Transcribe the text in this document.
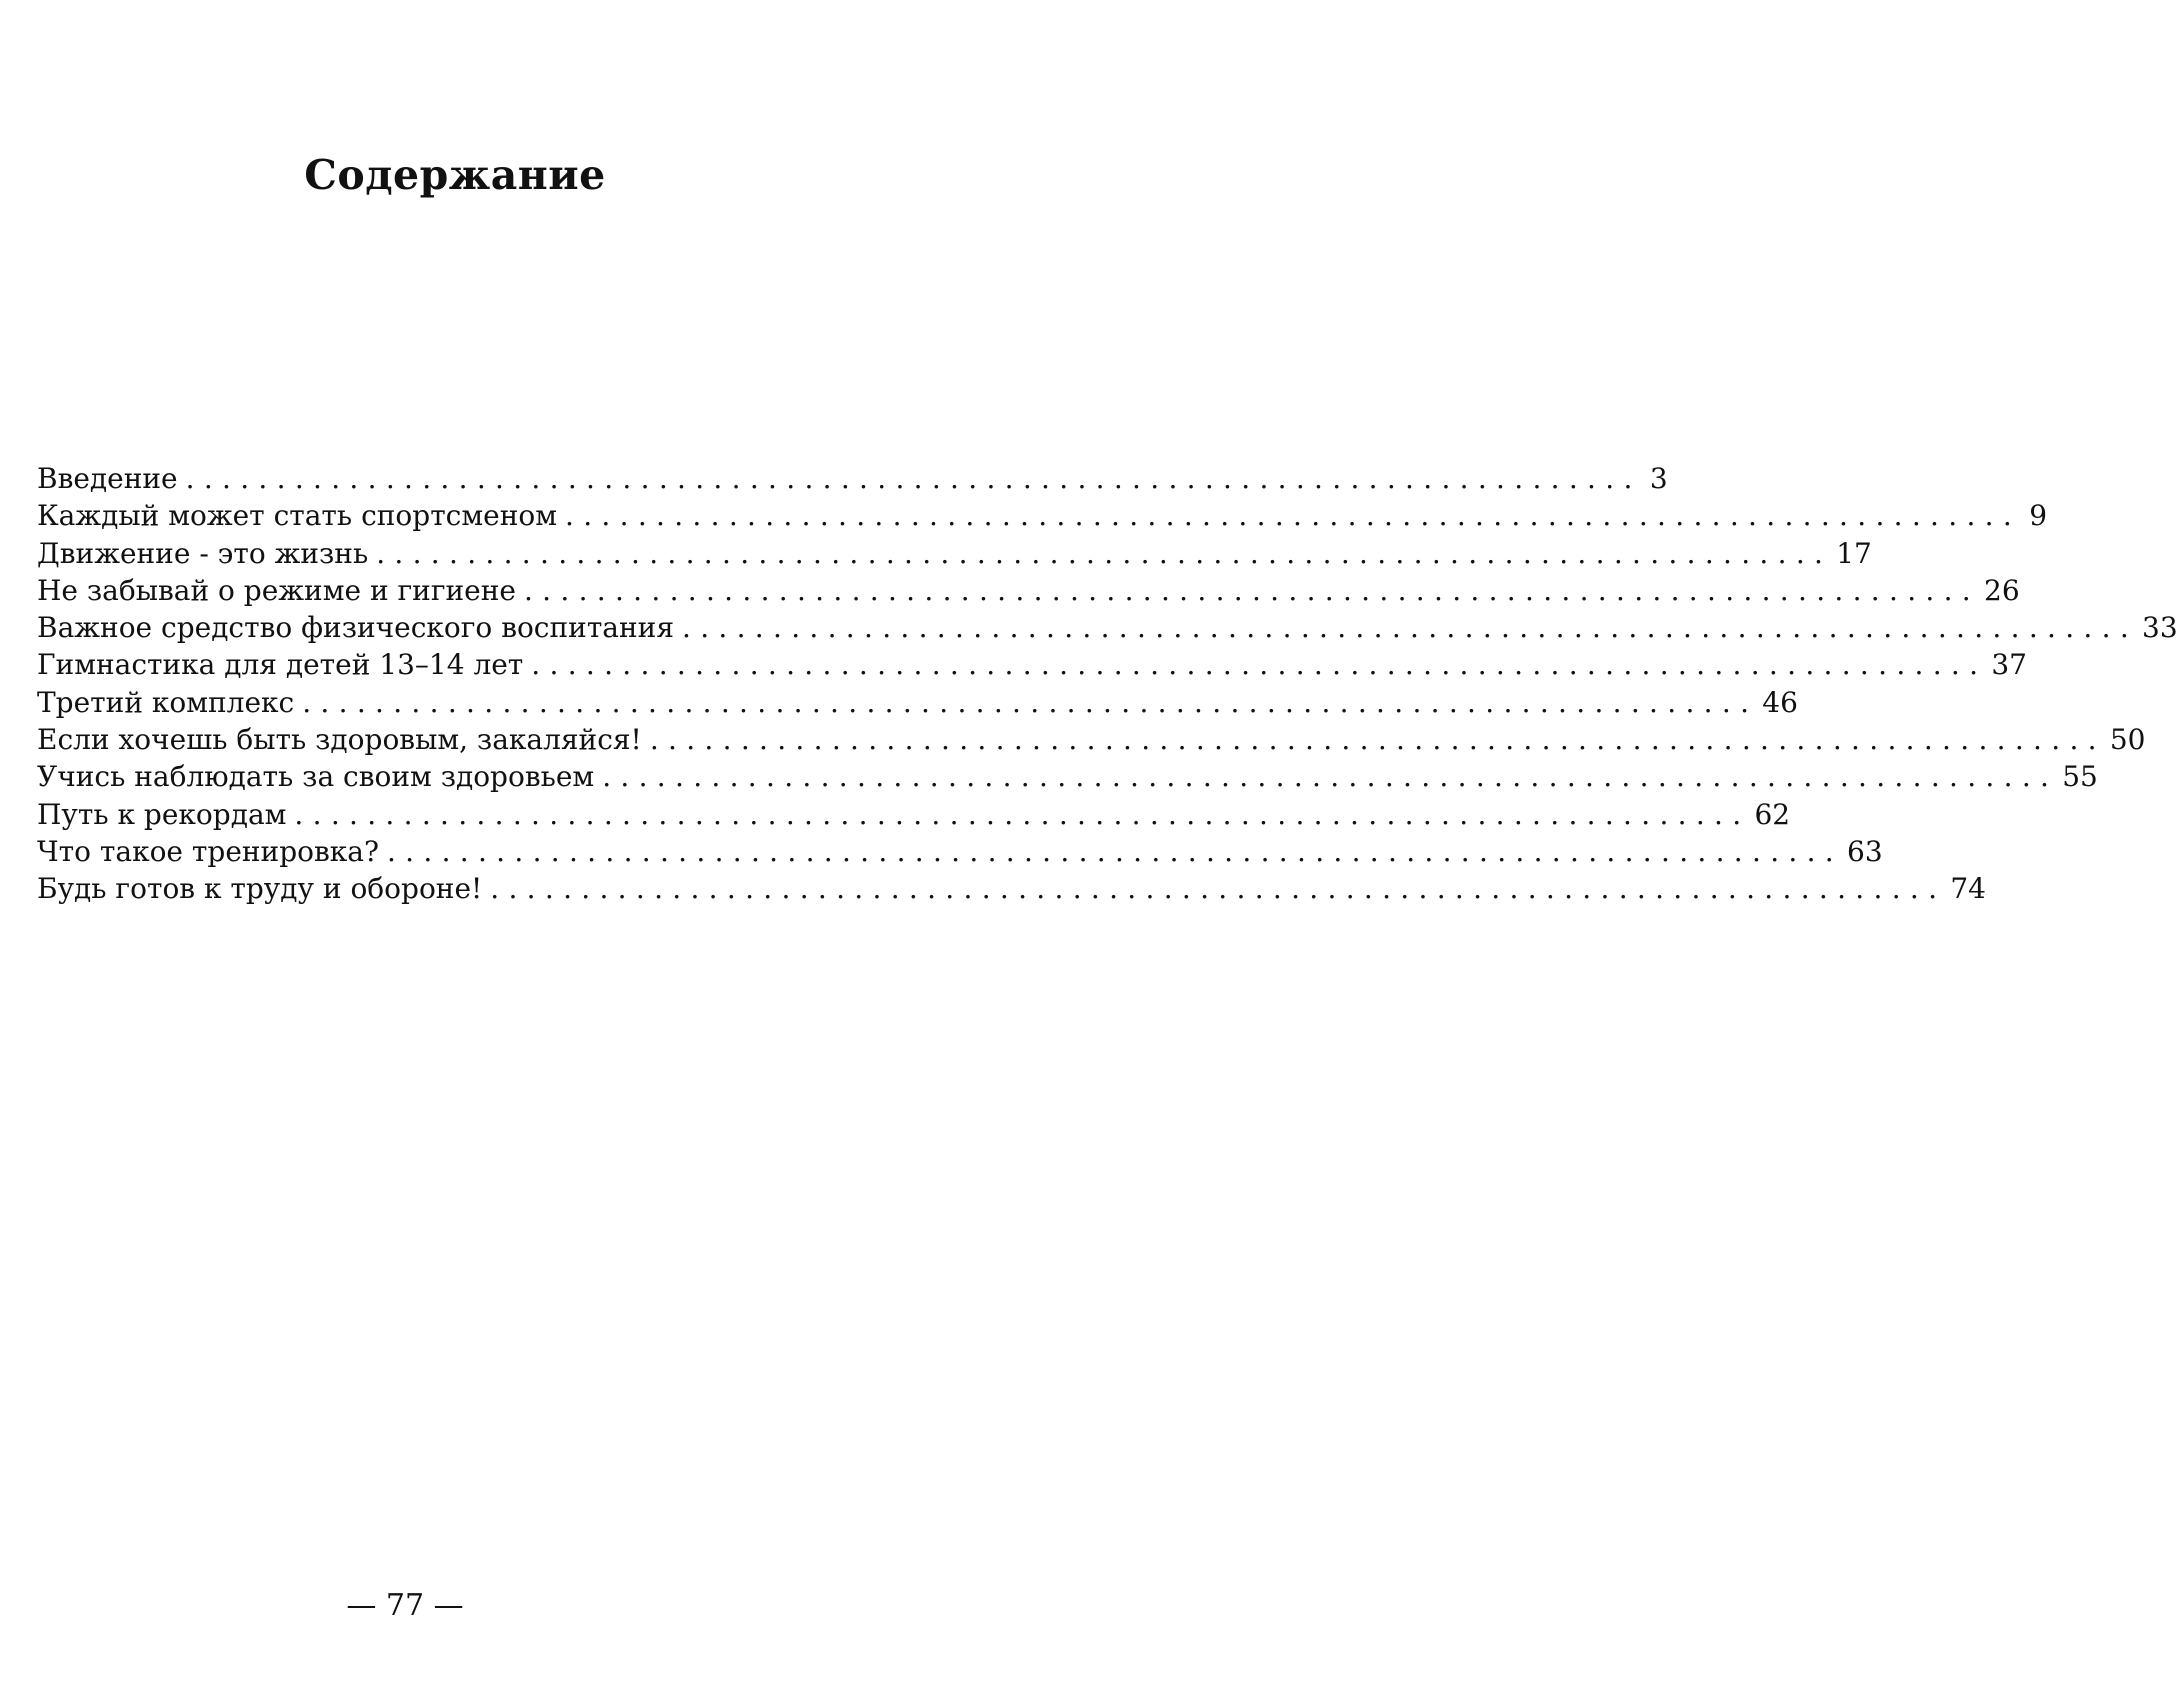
Содержание
Введение ................................................................................ 3
Каждый может стать спортсменом ................................................................................ 9
Движение - это жизнь ................................................................................ 17
Не забывай о режиме и гигиене ................................................................................ 26
Важное средство физического воспитания ................................................................................ 33
Гимнастика для детей 13–14 лет ................................................................................ 37
Третий комплекс ................................................................................ 46
Если хочешь быть здоровым, закаляйся! ................................................................................ 50
Учись наблюдать за своим здоровьем ................................................................................ 55
Путь к рекордам ................................................................................ 62
Что такое тренировка? ................................................................................ 63
Будь готов к труду и обороне! ................................................................................ 74
— 77 —
